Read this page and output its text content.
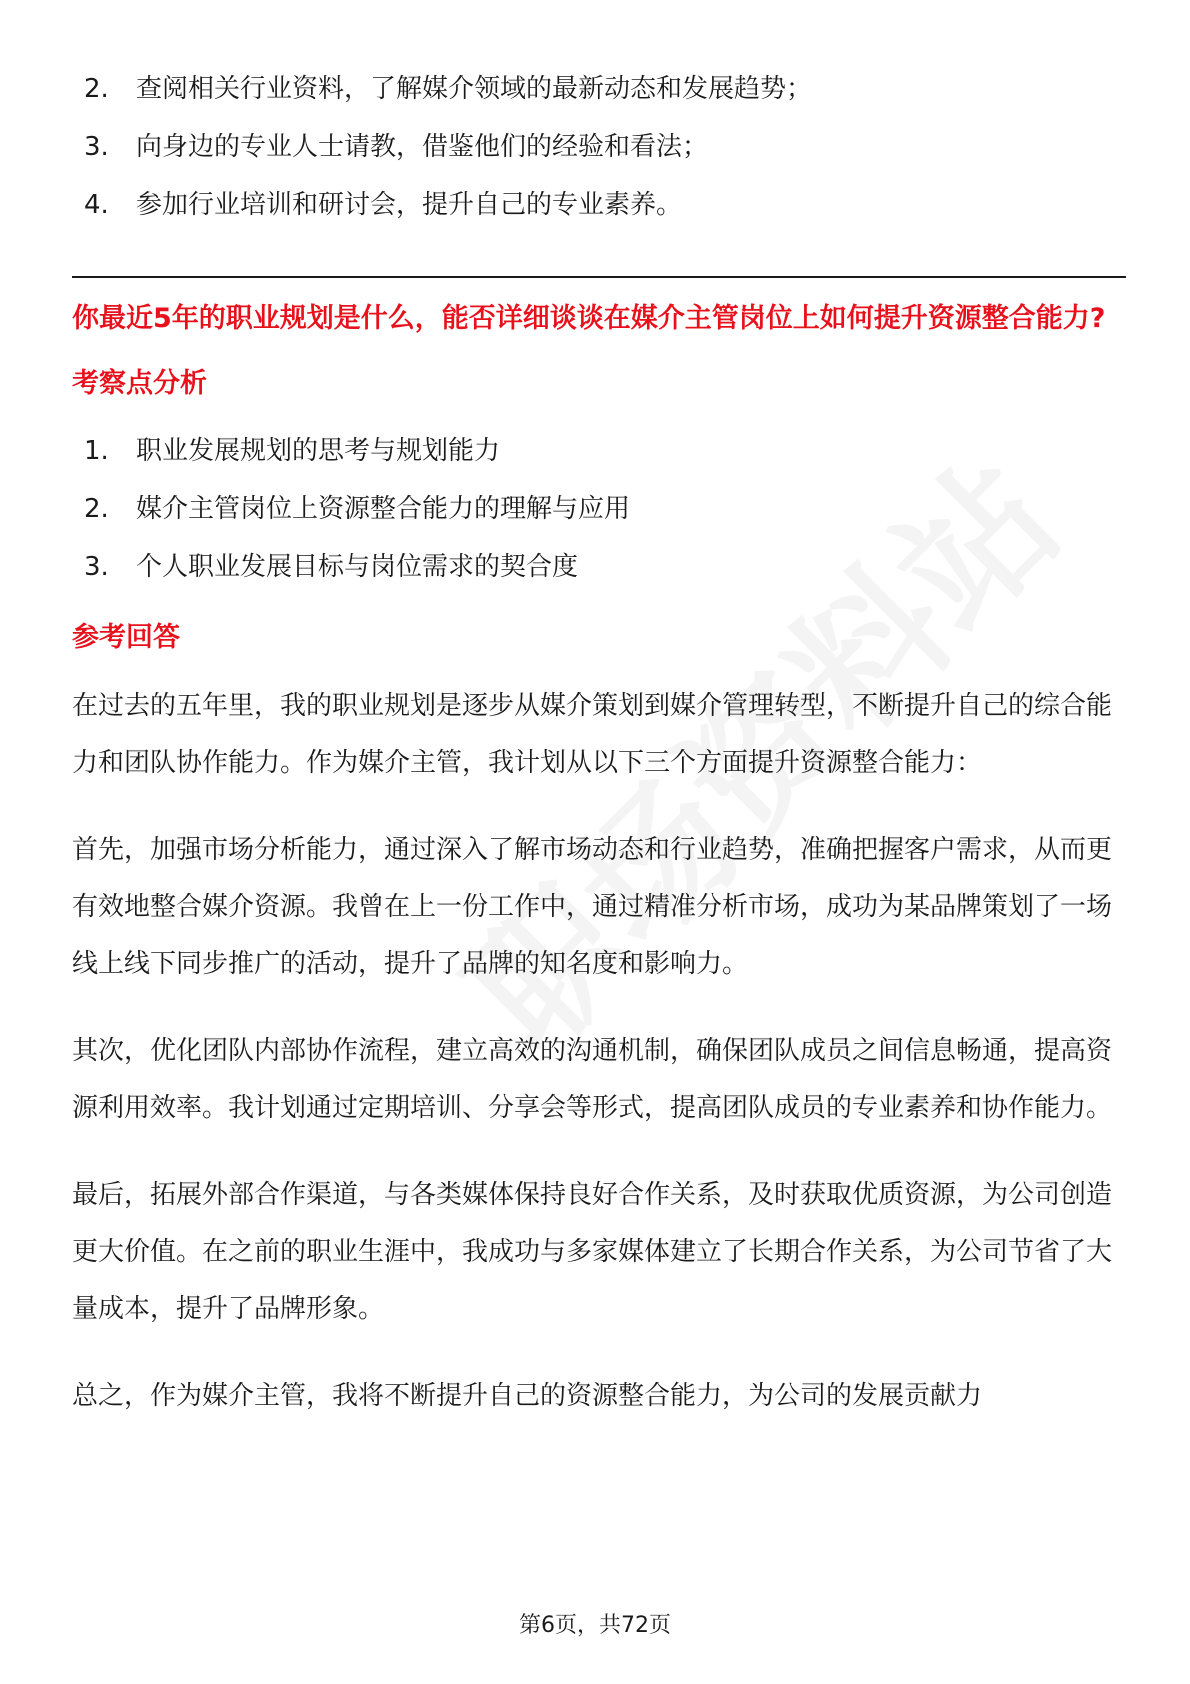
2.	查阅相关行业资料，了解媒介领域的最新动态和发展趋势；
3.	向身边的专业人士请教，借鉴他们的经验和看法；
4.	参加行业培训和研讨会，提升自己的专业素养。
你最近5年的职业规划是什么，能否详细谈谈在媒介主管岗位上如何提升资源整合能力?
考察点分析
1.	职业发展规划的思考与规划能力
2.	媒介主管岗位上资源整合能力的理解与应用
3.	个人职业发展目标与岗位需求的契合度
参考回答

在过去的五年里，我的职业规划是逐步从媒介策划到媒介管理转型，不断提升自己的综合能力和团队协作能力。作为媒介主管，我计划从以下三个方面提升资源整合能力：

首先，加强市场分析能力，通过深入了解市场动态和行业趋势，准确把握客户需求，从而更有效地整合媒介资源。我曾在上一份工作中，通过精准分析市场，成功为某品牌策划了一场线上线下同步推广的活动，提升了品牌的知名度和影响力。

其次，优化团队内部协作流程，建立高效的沟通机制，确保团队成员之间信息畅通，提高资源利用效率。我计划通过定期培训、分享会等形式，提高团队成员的专业素养和协作能力。

最后，拓展外部合作渠道，与各类媒体保持良好合作关系，及时获取优质资源，为公司创造更大价值。在之前的职业生涯中，我成功与多家媒体建立了长期合作关系，为公司节省了大量成本，提升了品牌形象。

总之，作为媒介主管，我将不断提升自己的资源整合能力，为公司的发展贡献力

第6页，共72页
